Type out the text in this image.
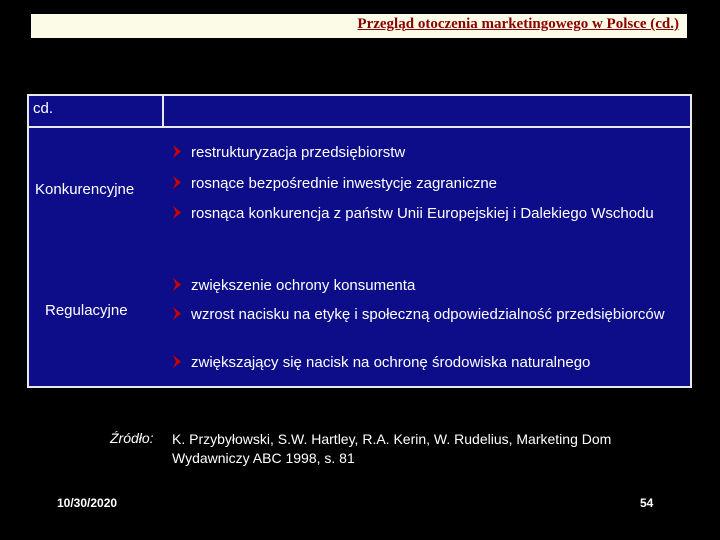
Przegląd otoczenia marketingowego w Polsce (cd.)
cd.
Konkurencyjne
restrukturyzacja przedsiębiorstw
rosnące bezpośrednie inwestycje zagraniczne
rosnąca konkurencja z państw Unii Europejskiej i Dalekiego Wschodu
Regulacyjne
zwiększenie ochrony konsumenta
wzrost nacisku na etykę i społeczną odpowiedzialność przedsiębiorców
zwiększający się nacisk na ochronę środowiska naturalnego
Źródło: K. Przybyłowski, S.W. Hartley, R.A. Kerin, W. Rudelius, Marketing Dom Wydawniczy ABC 1998, s. 81
10/30/2020	54
